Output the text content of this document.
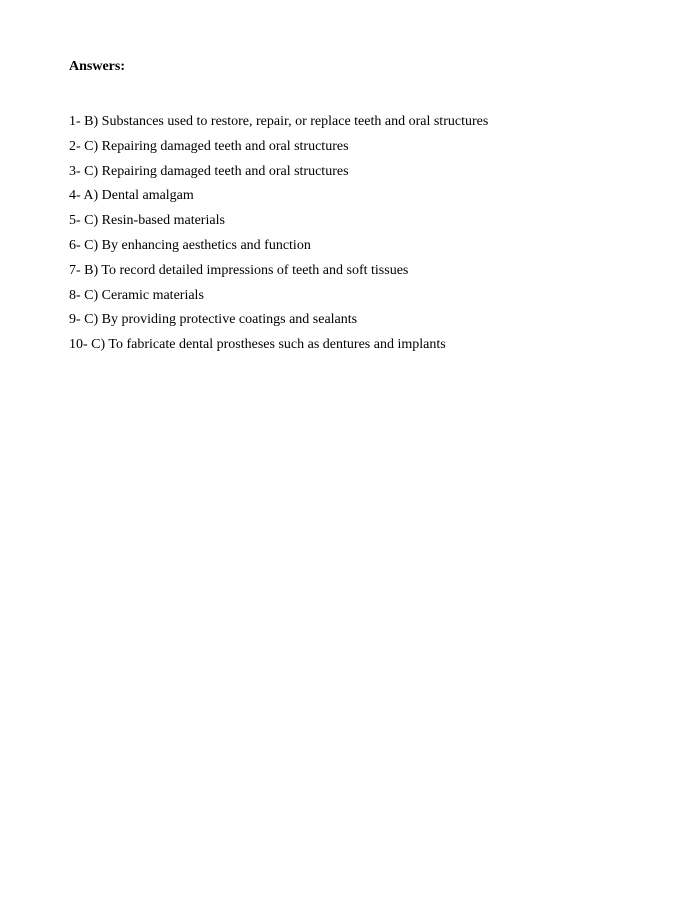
Answers:
1- B) Substances used to restore, repair, or replace teeth and oral structures
2- C) Repairing damaged teeth and oral structures
3- C) Repairing damaged teeth and oral structures
4- A) Dental amalgam
5- C) Resin-based materials
6- C) By enhancing aesthetics and function
7- B) To record detailed impressions of teeth and soft tissues
8- C) Ceramic materials
9- C) By providing protective coatings and sealants
10- C) To fabricate dental prostheses such as dentures and implants
